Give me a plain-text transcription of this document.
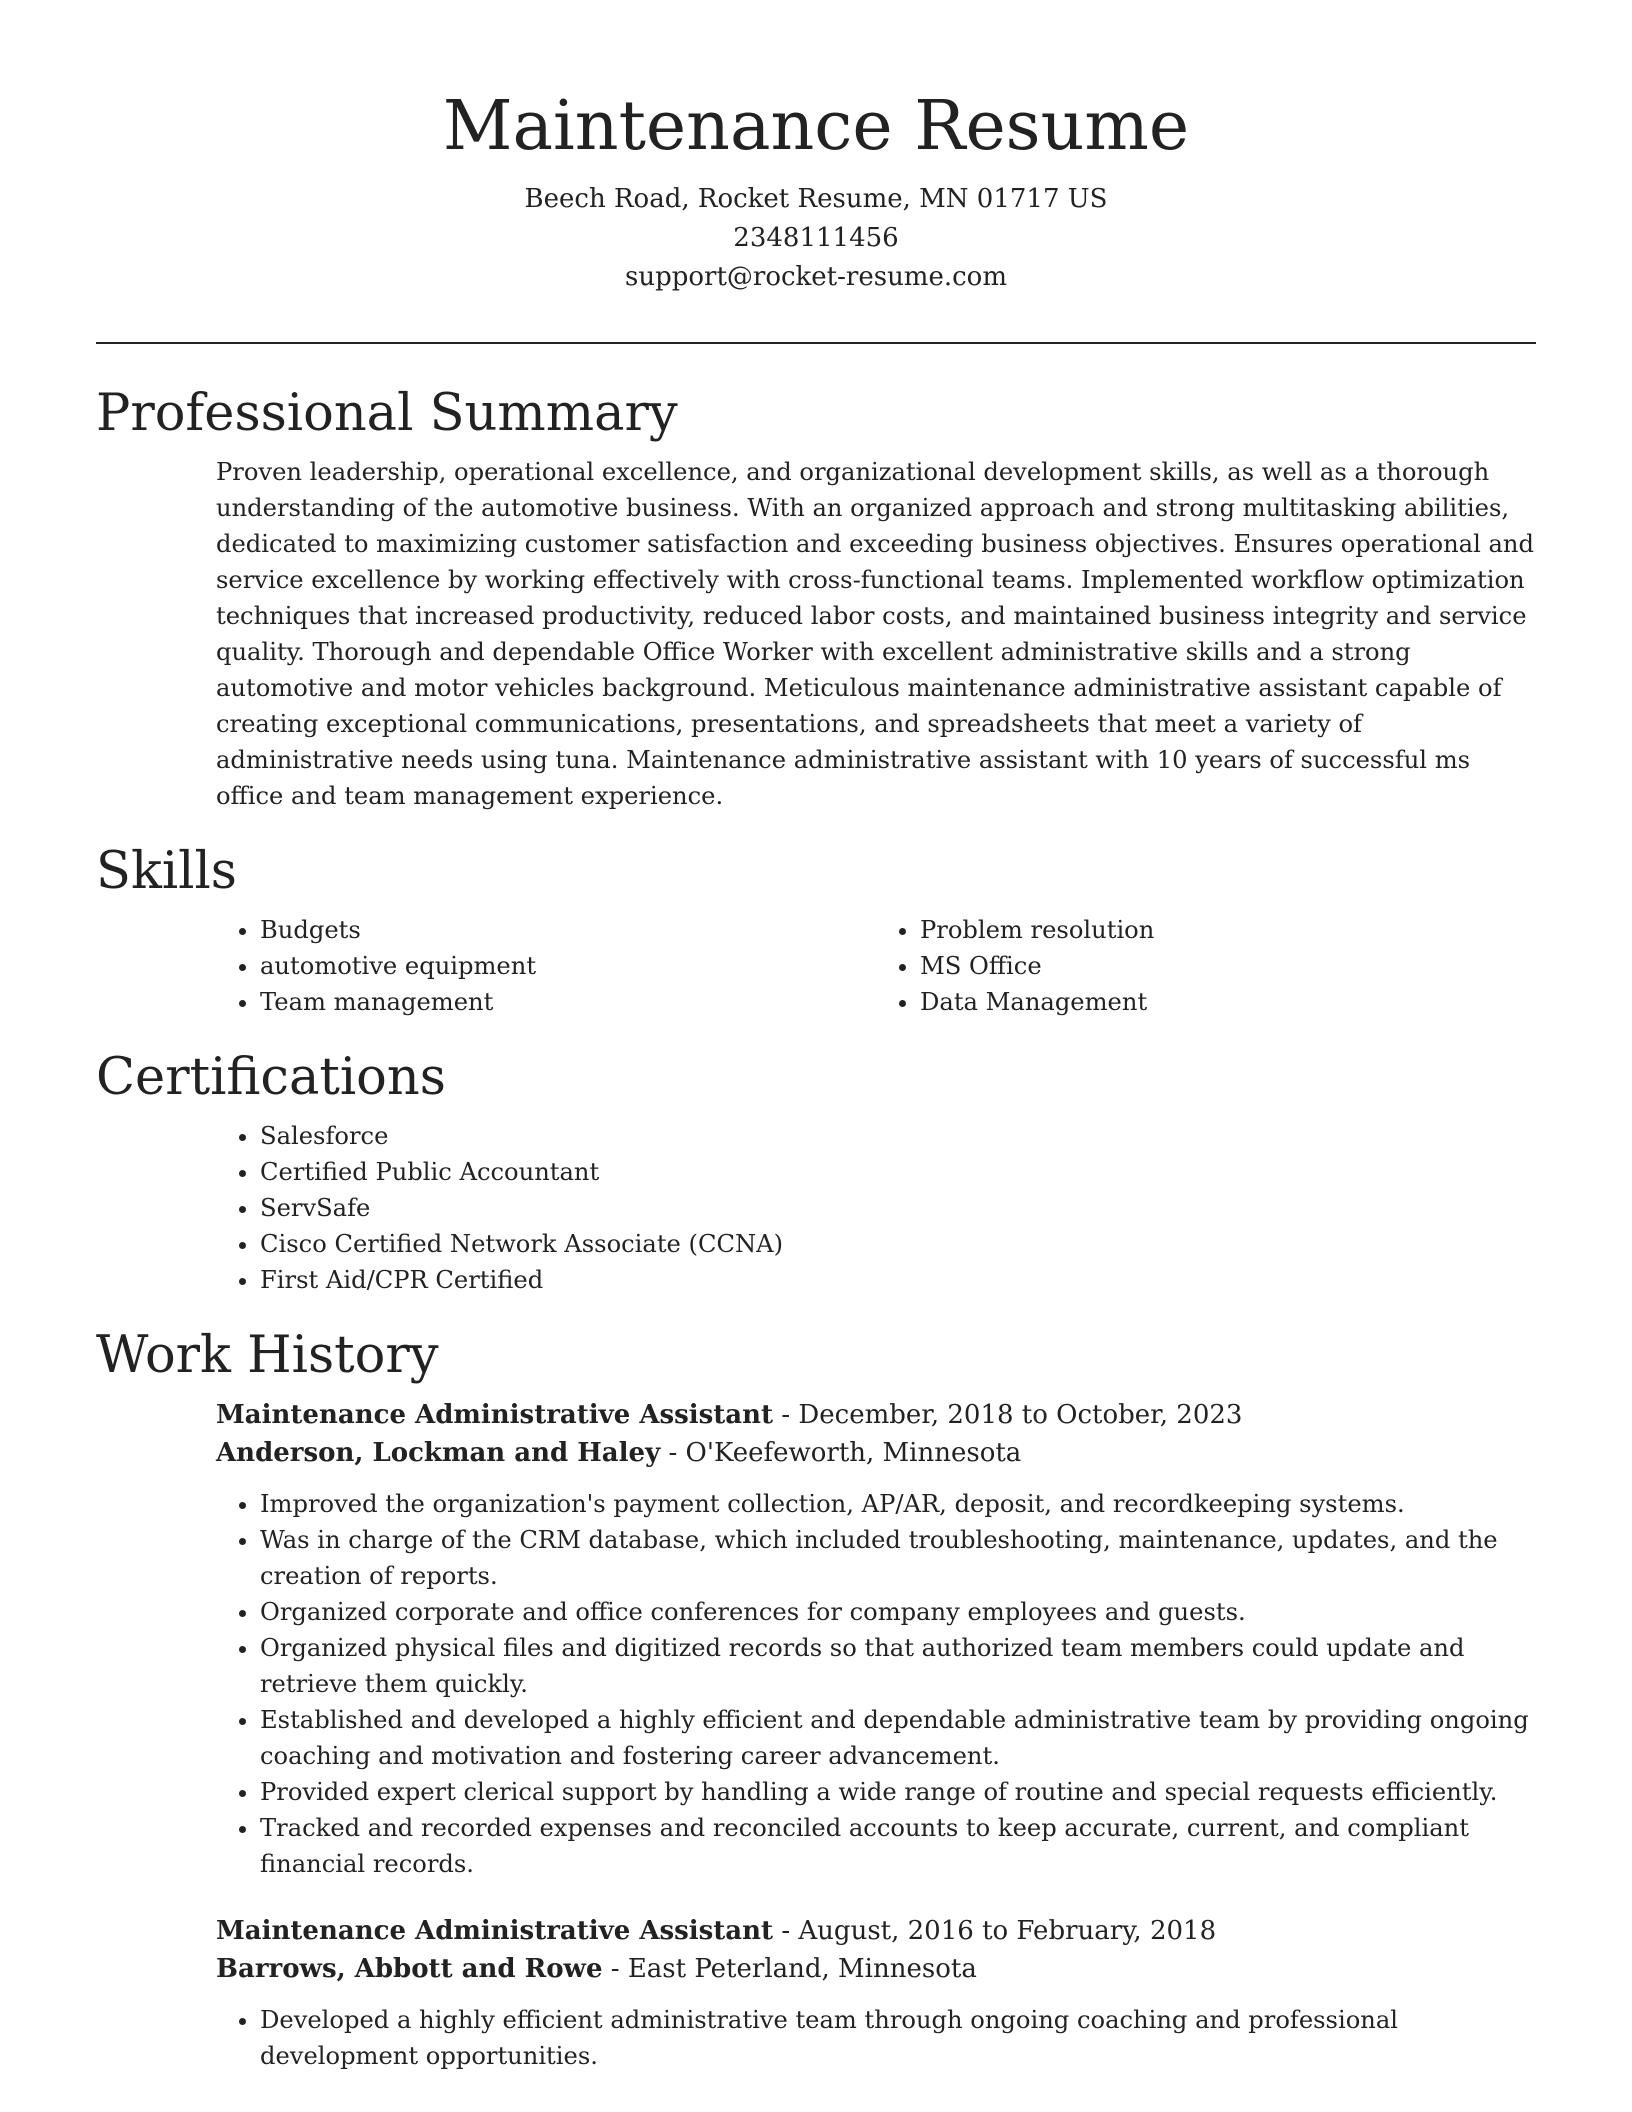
Maintenance Resume
Beech Road, Rocket Resume, MN 01717 US
2348111456
support@rocket-resume.com
Professional Summary

Proven leadership, operational excellence, and organizational development skills, as well as a thorough understanding of the automotive business. With an organized approach and strong multitasking abilities, dedicated to maximizing customer satisfaction and exceeding business objectives. Ensures operational and service excellence by working effectively with cross-functional teams. Implemented workflow optimization techniques that increased productivity, reduced labor costs, and maintained business integrity and service quality. Thorough and dependable Office Worker with excellent administrative skills and a strong automotive and motor vehicles background. Meticulous maintenance administrative assistant capable of creating exceptional communications, presentations, and spreadsheets that meet a variety of administrative needs using tuna. Maintenance administrative assistant with 10 years of successful ms office and team management experience.

Skills
• Budgets
• automotive equipment
• Team management
• Problem resolution
• MS Office
• Data Management
Certifications
• Salesforce
• Certified Public Accountant
• ServSafe
• Cisco Certified Network Associate (CCNA)
• First Aid/CPR Certified
Work History
Maintenance Administrative Assistant - December, 2018 to October, 2023
Anderson, Lockman and Haley - O'Keefeworth, Minnesota
• Improved the organization's payment collection, AP/AR, deposit, and recordkeeping systems.
• Was in charge of the CRM database, which included troubleshooting, maintenance, updates, and the creation of reports.
• Organized corporate and office conferences for company employees and guests.
• Organized physical files and digitized records so that authorized team members could update and retrieve them quickly.
• Established and developed a highly efficient and dependable administrative team by providing ongoing coaching and motivation and fostering career advancement.
• Provided expert clerical support by handling a wide range of routine and special requests efficiently.
• Tracked and recorded expenses and reconciled accounts to keep accurate, current, and compliant financial records.
Maintenance Administrative Assistant - August, 2016 to February, 2018
Barrows, Abbott and Rowe - East Peterland, Minnesota
• Developed a highly efficient administrative team through ongoing coaching and professional development opportunities.
